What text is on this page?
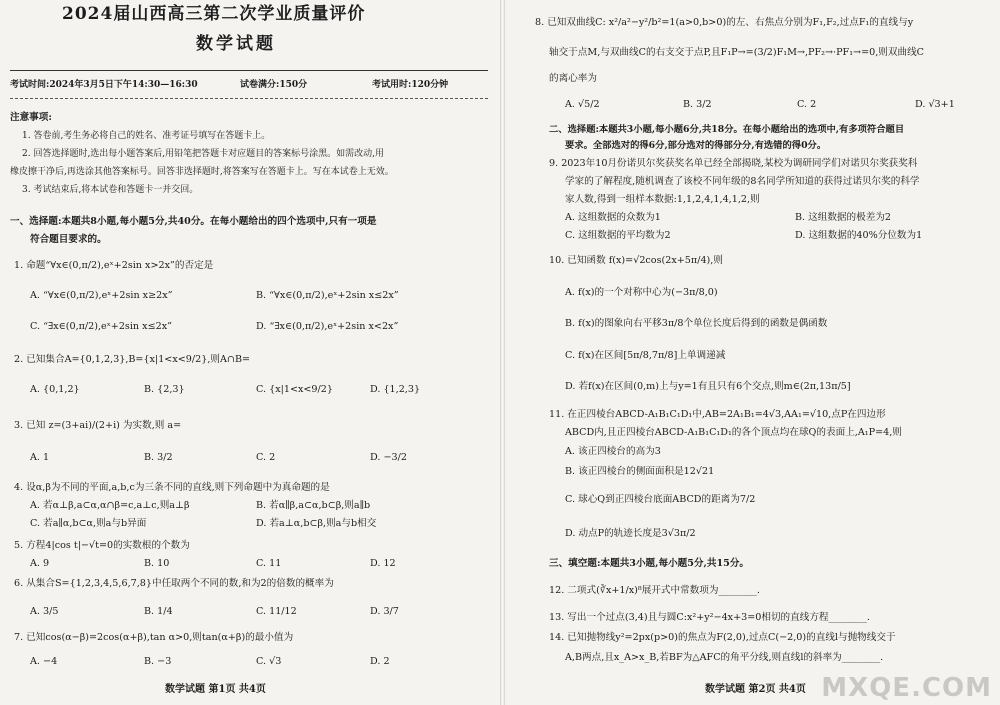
2024届山西高三第二次学业质量评价
数学试题
考试时间:2024年3月5日下午14:30—16:30	试卷满分:150分	考试用时:120分钟
注意事项:
1. 答卷前,考生务必将自己的姓名、准考证号填写在答题卡上。
2. 回答选择题时,选出每小题答案后,用铅笔把答题卡对应题目的答案标号涂黑。如需改动,用
橡皮擦干净后,再选涂其他答案标号。回答非选择题时,将答案写在答题卡上。写在本试卷上无效。
3. 考试结束后,将本试卷和答题卡一并交回。
一、选择题:本题共8小题,每小题5分,共40分。在每小题给出的四个选项中,只有一项是
符合题目要求的。
1. 命题“∀x∈(0,π/2),eˣ+2sin x>2x”的否定是
A. “∀x∈(0,π/2),eˣ+2sin x≥2x”	B. “∀x∈(0,π/2),eˣ+2sin x≤2x”
C. “∃x∈(0,π/2),eˣ+2sin x≤2x”	D. “∃x∈(0,π/2),eˣ+2sin x<2x”
2. 已知集合A={0,1,2,3},B={x|1<x<9/2},则A∩B=
A. {0,1,2}	B. {2,3}	C. {x|1<x<9/2}	D. {1,2,3}
3. 已知 z=(3+ai)/(2+i) 为实数,则 a=
A. 1	B. 3/2	C. 2	D. −3/2
4. 设α,β为不同的平面,a,b,c为三条不同的直线,则下列命题中为真命题的是
A. 若α⊥β,a⊂α,α∩β=c,a⊥c,则a⊥β	B. 若α∥β,a⊂α,b⊂β,则a∥b
C. 若a∥α,b⊂α,则a与b异面	D. 若a⊥α,b⊂β,则a与b相交
5. 方程4|cos t|−√t=0的实数根的个数为
A. 9	B. 10	C. 11	D. 12
6. 从集合S={1,2,3,4,5,6,7,8}中任取两个不同的数,和为2的倍数的概率为
A. 3/5	B. 1/4	C. 11/12	D. 3/7
7. 已知cos(α−β)=2cos(α+β),tan α>0,则tan(α+β)的最小值为
A. −4	B. −3	C. √3	D. 2
数学试题 第1页 共4页
8. 已知双曲线C: x²/a²−y²/b²=1(a>0,b>0)的左、右焦点分别为F₁,F₂,过点F₁的直线与y
轴交于点M,与双曲线C的右支交于点P,且F₁P→=(3/2)F₁M→,PF₂→·PF₁→=0,则双曲线C
的离心率为
A. √5/2	B. 3/2	C. 2	D. √3+1
二、选择题:本题共3小题,每小题6分,共18分。在每小题给出的选项中,有多项符合题目
要求。全部选对的得6分,部分选对的得部分分,有选错的得0分。
9. 2023年10月份诺贝尔奖获奖名单已经全部揭晓,某校为调研同学们对诺贝尔奖获奖科
学家的了解程度,随机调查了该校不同年级的8名同学所知道的获得过诺贝尔奖的科学
家人数,得到一组样本数据:1,1,2,4,1,4,1,2,则
A. 这组数据的众数为1	B. 这组数据的极差为2
C. 这组数据的平均数为2	D. 这组数据的40%分位数为1
10. 已知函数 f(x)=√2cos(2x+5π/4),则
A. f(x)的一个对称中心为(−3π/8,0)
B. f(x)的图象向右平移3π/8个单位长度后得到的函数是偶函数
C. f(x)在区间[5π/8,7π/8]上单调递减
D. 若f(x)在区间(0,m)上与y=1有且只有6个交点,则m∈(2π,13π/5]
11. 在正四棱台ABCD-A₁B₁C₁D₁中,AB=2A₁B₁=4√3,AA₁=√10,点P在四边形
ABCD内,且正四棱台ABCD-A₁B₁C₁D₁的各个顶点均在球Q的表面上,A₁P=4,则
A. 该正四棱台的高为3
B. 该正四棱台的侧面面积是12√21
C. 球心Q到正四棱台底面ABCD的距离为7/2
D. 动点P的轨迹长度是3√3π/2
三、填空题:本题共3小题,每小题5分,共15分。
12. 二项式(∛x+1/x)⁸展开式中常数项为________.
13. 写出一个过点(3,4)且与圆C:x²+y²−4x+3=0相切的直线方程________.
14. 已知抛物线y²=2px(p>0)的焦点为F(2,0),过点C(−2,0)的直线l与抛物线交于
A,B两点,且x_A>x_B,若BF为△AFC的角平分线,则直线l的斜率为________.
数学试题 第2页 共4页 MXQE.COM
